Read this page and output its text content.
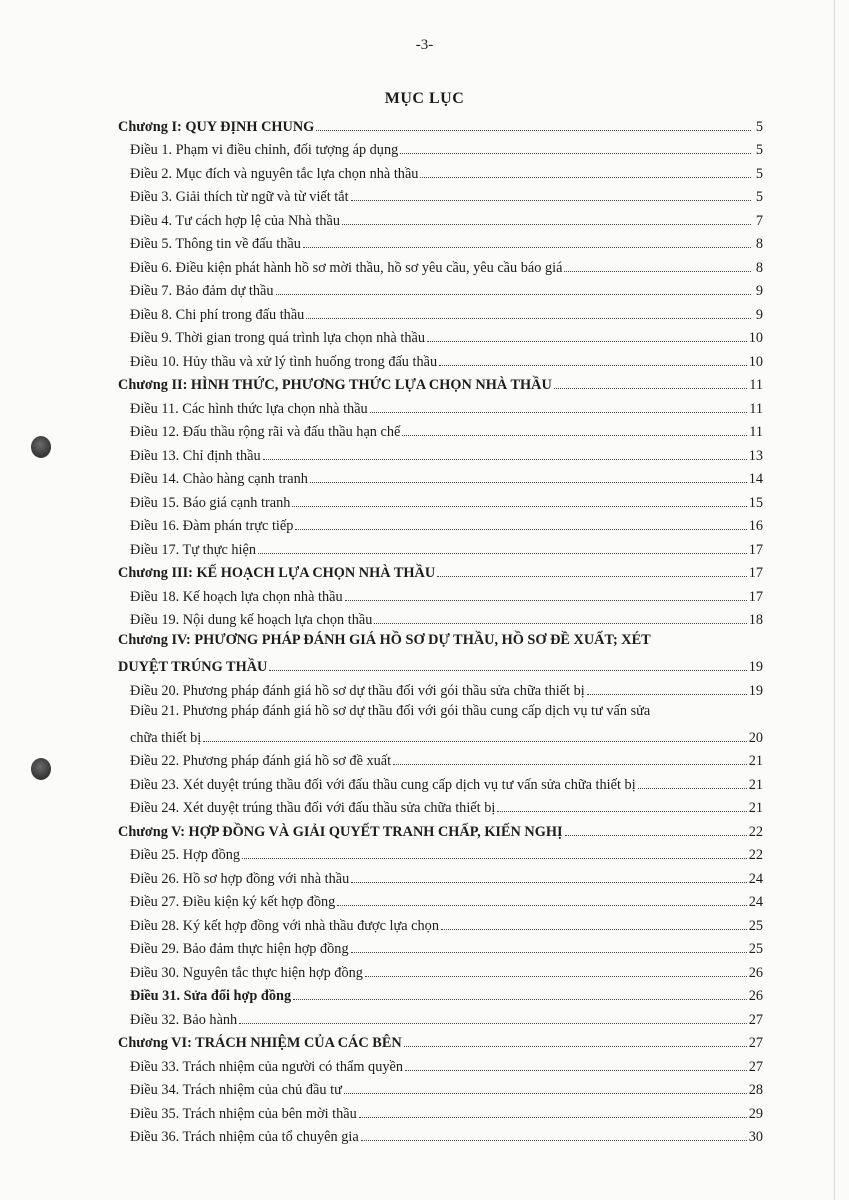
-3-
MỤC LỤC
Chương I: QUY ĐỊNH CHUNG	5
Điều 1. Phạm vi điều chỉnh, đối tượng áp dụng	5
Điều 2. Mục đích và nguyên tắc lựa chọn nhà thầu	5
Điều 3. Giải thích từ ngữ và từ viết tắt	5
Điều 4. Tư cách hợp lệ của Nhà thầu	7
Điều 5. Thông tin về đấu thầu	8
Điều 6. Điều kiện phát hành hồ sơ mời thầu, hồ sơ yêu cầu, yêu cầu báo giá	8
Điều 7. Bảo đảm dự thầu	9
Điều 8. Chi phí trong đấu thầu	9
Điều 9. Thời gian trong quá trình lựa chọn nhà thầu	10
Điều 10. Hủy thầu và xử lý tình huống trong đấu thầu	10
Chương II: HÌNH THỨC, PHƯƠNG THỨC LỰA CHỌN NHÀ THẦU	11
Điều 11. Các hình thức lựa chọn nhà thầu	11
Điều 12. Đấu thầu rộng rãi và đấu thầu hạn chế	11
Điều 13. Chỉ định thầu	13
Điều 14. Chào hàng cạnh tranh	14
Điều 15. Báo giá cạnh tranh	15
Điều 16. Đàm phán trực tiếp	16
Điều 17. Tự thực hiện	17
Chương III: KẾ HOẠCH LỰA CHỌN NHÀ THẦU	17
Điều 18. Kế hoạch lựa chọn nhà thầu	17
Điều 19. Nội dung kế hoạch lựa chọn thầu	18
Chương IV: PHƯƠNG PHÁP ĐÁNH GIÁ HỒ SƠ DỰ THẦU, HỒ SƠ ĐỀ XUẤT; XÉT
DUYỆT TRÚNG THẦU	19
Điều 20. Phương pháp đánh giá hồ sơ dự thầu đối với gói thầu sửa chữa thiết bị	19
Điều 21. Phương pháp đánh giá hồ sơ dự thầu đối với gói thầu cung cấp dịch vụ tư vấn sửa
chữa thiết bị	20
Điều 22. Phương pháp đánh giá hồ sơ đề xuất	21
Điều 23. Xét duyệt trúng thầu đối với đấu thầu cung cấp dịch vụ tư vấn sửa chữa thiết bị	21
Điều 24. Xét duyệt trúng thầu đối với đấu thầu sửa chữa thiết bị	21
Chương V: HỢP ĐỒNG VÀ GIẢI QUYẾT TRANH CHẤP, KIẾN NGHỊ	22
Điều 25. Hợp đồng	22
Điều 26. Hồ sơ hợp đồng với nhà thầu	24
Điều 27. Điều kiện ký kết hợp đồng	24
Điều 28. Ký kết hợp đồng với nhà thầu được lựa chọn	25
Điều 29. Bảo đảm thực hiện hợp đồng	25
Điều 30. Nguyên tắc thực hiện hợp đồng	26
Điều 31. Sửa đổi hợp đồng	26
Điều 32. Bảo hành	27
Chương VI: TRÁCH NHIỆM CỦA CÁC BÊN	27
Điều 33. Trách nhiệm của người có thẩm quyền	27
Điều 34. Trách nhiệm của chủ đầu tư	28
Điều 35. Trách nhiệm của bên mời thầu	29
Điều 36. Trách nhiệm của tổ chuyên gia	30
